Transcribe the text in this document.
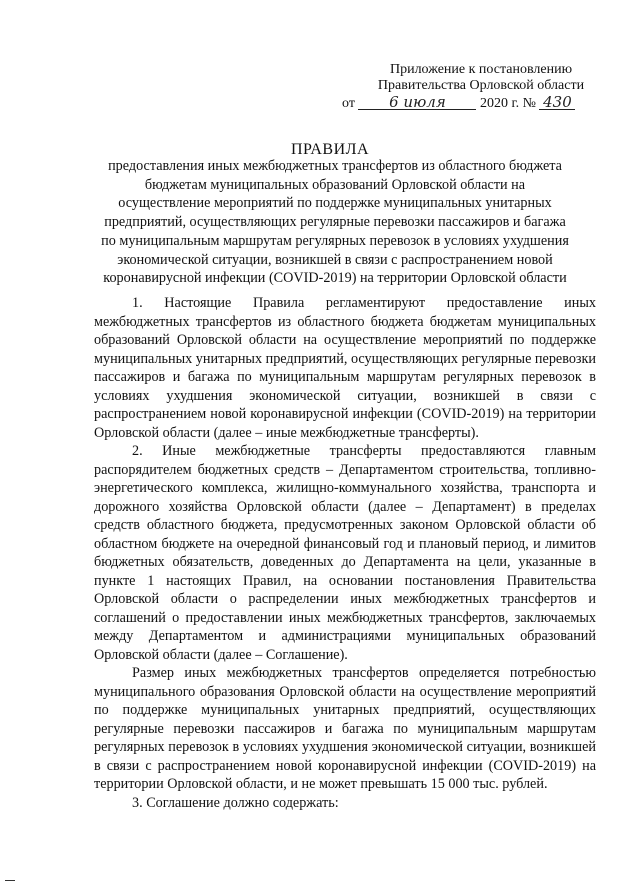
Приложение к постановлению
Правительства Орловской области
от 6 июля 2020 г. № 430
ПРАВИЛА
предоставления иных межбюджетных трансфертов из областного бюджета
бюджетам муниципальных образований Орловской области на
осуществление мероприятий по поддержке муниципальных унитарных
предприятий, осуществляющих регулярные перевозки пассажиров и багажа
по муниципальным маршрутам регулярных перевозок в условиях ухудшения
экономической ситуации, возникшей в связи с распространением новой
коронавирусной инфекции (COVID-2019) на территории Орловской области

1. Настоящие Правила регламентируют предоставление иных межбюджетных трансфертов из областного бюджета бюджетам муниципальных образований Орловской области на осуществление мероприятий по поддержке муниципальных унитарных предприятий, осуществляющих регулярные перевозки пассажиров и багажа по муниципальным маршрутам регулярных перевозок в условиях ухудшения экономической ситуации, возникшей в связи с распространением новой коронавирусной инфекции (COVID-2019) на территории Орловской области (далее – иные межбюджетные трансферты).

2. Иные межбюджетные трансферты предоставляются главным распорядителем бюджетных средств – Департаментом строительства, топливно-энергетического комплекса, жилищно-коммунального хозяйства, транспорта и дорожного хозяйства Орловской области (далее – Департамент) в пределах средств областного бюджета, предусмотренных законом Орловской области об областном бюджете на очередной финансовый год и плановый период, и лимитов бюджетных обязательств, доведенных до Департамента на цели, указанные в пункте 1 настоящих Правил, на основании постановления Правительства Орловской области о распределении иных межбюджетных трансфертов и соглашений о предоставлении иных межбюджетных трансфертов, заключаемых между Департаментом и администрациями муниципальных образований Орловской области (далее – Соглашение).

Размер иных межбюджетных трансфертов определяется потребностью муниципального образования Орловской области на осуществление мероприятий по поддержке муниципальных унитарных предприятий, осуществляющих регулярные перевозки пассажиров и багажа по муниципальным маршрутам регулярных перевозок в условиях ухудшения экономической ситуации, возникшей в связи с распространением новой коронавирусной инфекции (COVID-2019) на территории Орловской области, и не может превышать 15 000 тыс. рублей.

3. Соглашение должно содержать:
